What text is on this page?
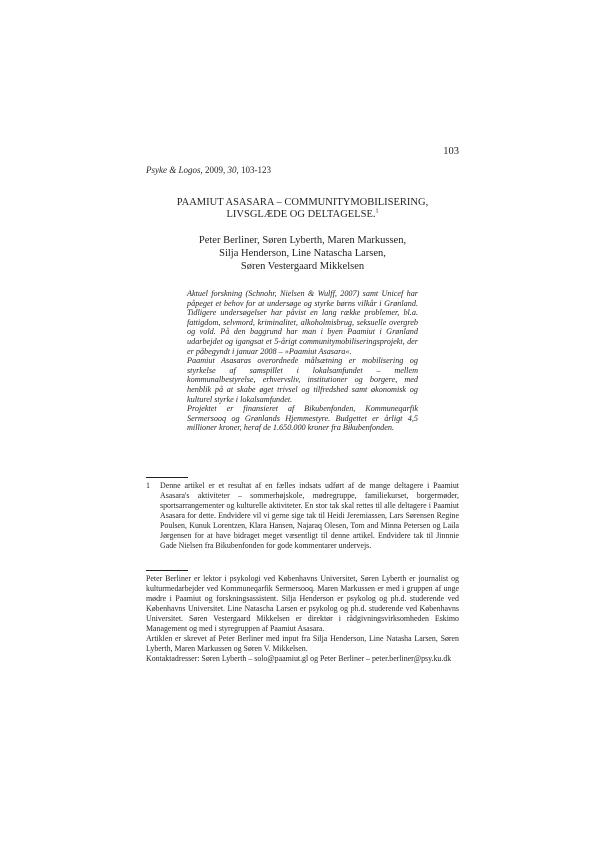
103
Psyke & Logos, 2009, 30, 103-123
PAAMIUT ASASARA – COMMUNITYMOBILISERING,
LIVSGLÆDE OG DELTAGELSE.$^1$
Peter Berliner, Søren Lyberth, Maren Markussen,
Silja Henderson, Line Natascha Larsen,
Søren Vestergaard Mikkelsen

Aktuel forskning (Schnohr, Nielsen & Wulff, 2007) samt Unicef har påpeget et behov for at undersøge og styrke børns vilkår i Grønland. Tidligere undersøgelser har påvist en lang række problemer, bl.a. fattigdom, selvmord, kriminalitet, alkoholmisbrug, seksuelle overgreb og vold. På den baggrund har man i byen Paamiut i Grønland udarbejdet og igangsat et 5-årigt communitymobiliseringsprojekt, der er påbegyndt i januar 2008 – »Paamiut Asasara«.

Paamiut Asasaras overordnede målsætning er mobilisering og styrkelse af samspillet i lokalsamfundet – mellem kommunalbestyrelse, erhvervsliv, institutioner og borgere, med henblik på at skabe øget trivsel og tilfredshed samt økonomisk og kulturel styrke i lokalsamfundet.

Projektet er finansieret af Bikubenfonden, Kommuneqarfik Sermersooq og Grønlands Hjemmestyre. Budgettet er årligt 4,5 millioner kroner, heraf de 1.650.000 kroner fra Bikubenfonden.

1 Denne artikel er et resultat af en fælles indsats udført af de mange deltagere i Paamiut Asasara's aktiviteter – sommerhøjskole, mødregruppe, familiekurset, borgermøder, sportsarrangementer og kulturelle aktiviteter. En stor tak skal rettes til alle deltagere i Paamiut Asasara for dette. Endvidere vil vi gerne sige tak til Heidi Jeremiassen, Lars Sørensen Regine Poulsen, Kunuk Lorentzen, Klara Hansen, Najaraq Olesen, Tom and Minna Petersen og Laila Jørgensen for at have bidraget meget væsentligt til denne artikel. Endvidere tak til Jinnnie Gade Nielsen fra Bikubenfonden for gode kommentarer undervejs.

Peter Berliner er lektor i psykologi ved Københavns Universitet, Søren Lyberth er journalist og kulturmedarbejder ved Kommuneqarfik Sermersooq. Maren Markussen er med i gruppen af unge mødre i Paamiut og forskningsassistent. Silja Henderson er psykolog og ph.d. studerende ved Københavns Universitet. Line Natascha Larsen er psykolog og ph.d. studerende ved Københavns Universitet. Søren Vestergaard Mikkelsen er direktør i rådgivningsvirksomheden Eskimo Management og med i styregruppen af Paamiut Asasara.

Artiklen er skrevet af Peter Berliner med input fra Silja Henderson, Line Natasha Larsen, Søren Lyberth, Maren Markussen og Søren V. Mikkelsen.

Kontaktadresser: Søren Lyberth – solo@paamiut.gl og Peter Berliner – peter.berliner@psy.ku.dk
